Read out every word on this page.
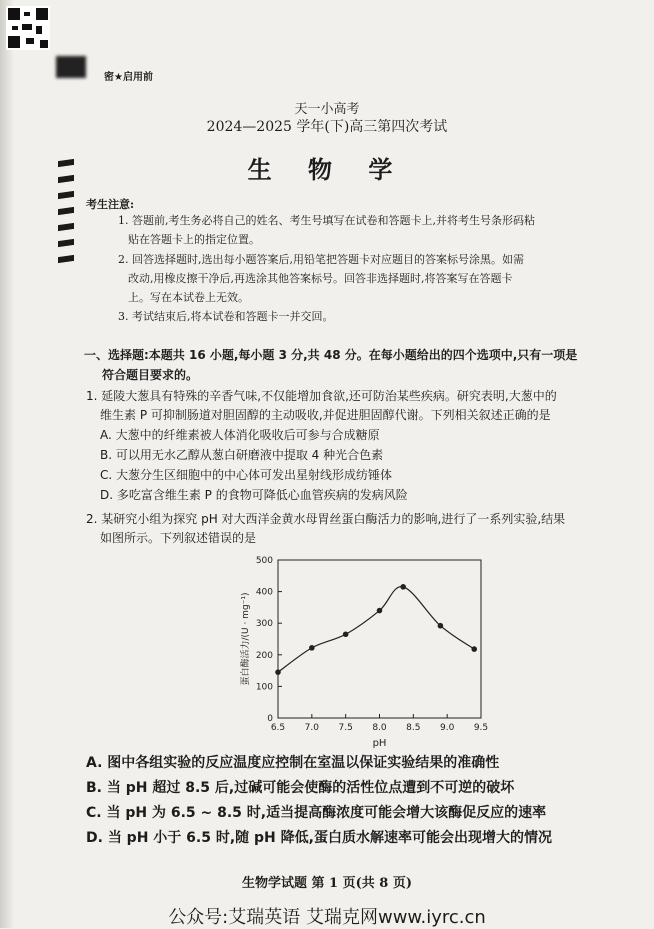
密★启用前
天一小高考
2024—2025 学年(下)高三第四次考试
生 物 学
考生注意:
1. 答题前,考生务必将自己的姓名、考生号填写在试卷和答题卡上,并将考生号条形码粘
贴在答题卡上的指定位置。
2. 回答选择题时,选出每小题答案后,用铅笔把答题卡对应题目的答案标号涂黑。如需
改动,用橡皮擦干净后,再选涂其他答案标号。回答非选择题时,将答案写在答题卡
上。写在本试卷上无效。
3. 考试结束后,将本试卷和答题卡一并交回。
一、选择题:本题共 16 小题,每小题 3 分,共 48 分。在每小题给出的四个选项中,只有一项是
符合题目要求的。
1. 延陵大葱具有特殊的辛香气味,不仅能增加食欲,还可防治某些疾病。研究表明,大葱中的
维生素 P 可抑制肠道对胆固醇的主动吸收,并促进胆固醇代谢。下列相关叙述正确的是
A. 大葱中的纤维素被人体消化吸收后可参与合成糖原
B. 可以用无水乙醇从葱白研磨液中提取 4 种光合色素
C. 大葱分生区细胞中的中心体可发出星射线形成纺锤体
D. 多吃富含维生素 P 的食物可降低心血管疾病的发病风险
2. 某研究小组为探究 pH 对大西洋金黄水母胃丝蛋白酶活力的影响,进行了一系列实验,结果
如图所示。下列叙述错误的是
pH
蛋白酶活力/(U · mg⁻¹)
0
100
200
300
400
500
6.5 7.0 7.5 8.0 8.5 9.0 9.5
A. 图中各组实验的反应温度应控制在室温以保证实验结果的准确性
B. 当 pH 超过 8.5 后,过碱可能会使酶的活性位点遭到不可逆的破坏
C. 当 pH 为 6.5 ~ 8.5 时,适当提高酶浓度可能会增大该酶促反应的速率
D. 当 pH 小于 6.5 时,随 pH 降低,蛋白质水解速率可能会出现增大的情况
生物学试题 第 1 页(共 8 页)
公众号:艾瑞英语 艾瑞克网www.iyrc.cn
